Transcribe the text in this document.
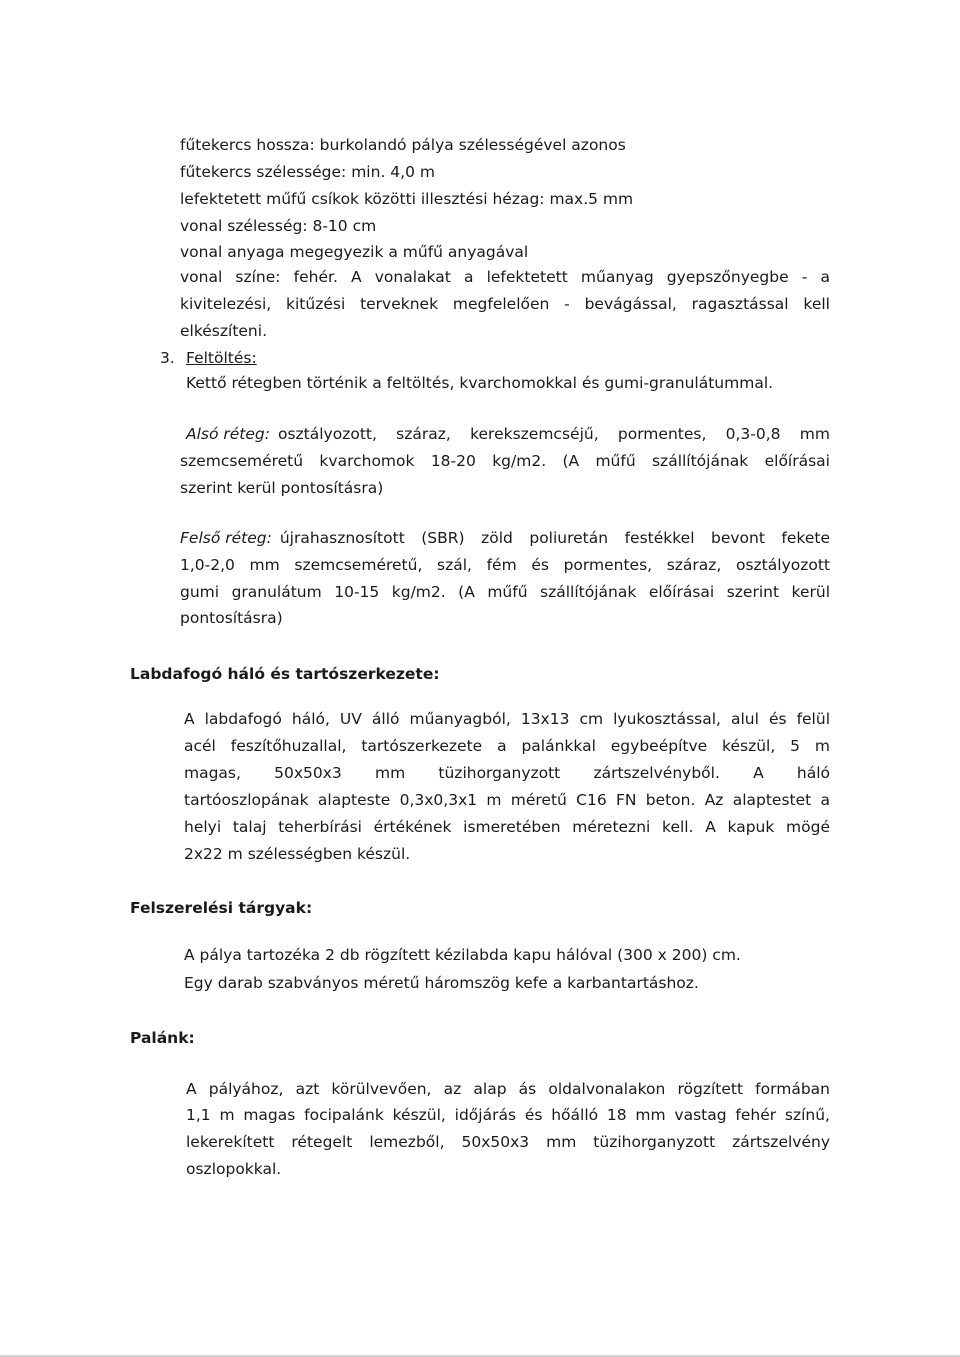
fűtekercs hossza: burkolandó pálya szélességével azonos
fűtekercs szélessége: min. 4,0 m
lefektetett műfű csíkok közötti illesztési hézag: max.5 mm
vonal szélesség: 8-10 cm
vonal anyaga megegyezik a műfű anyagával
vonal színe: fehér. A vonalakat a lefektetett műanyag gyepszőnyegbe - a
kivitelezési, kitűzési terveknek megfelelően - bevágással, ragasztással kell
elkészíteni.
3. Feltöltés:
Kettő rétegben történik a feltöltés, kvarchomokkal és gumi-granulátummal.
Alsó réteg: osztályozott, száraz, kerekszemcséjű, pormentes, 0,3-0,8 mm
szemcseméretű kvarchomok 18-20 kg/m2. (A műfű szállítójának előírásai
szerint kerül pontosításra)
Felső réteg: újrahasznosított (SBR) zöld poliuretán festékkel bevont fekete
1,0-2,0 mm szemcseméretű, szál, fém és pormentes, száraz, osztályozott
gumi granulátum 10-15 kg/m2. (A műfű szállítójának előírásai szerint kerül
pontosításra)
Labdafogó háló és tartószerkezete:
A labdafogó háló, UV álló műanyagból, 13x13 cm lyukosztással, alul és felül
acél feszítőhuzallal, tartószerkezete a palánkkal egybeépítve készül, 5 m
magas, 50x50x3 mm tüzihorganyzott zártszelvényből. A háló
tartóoszlopának alapteste 0,3x0,3x1 m méretű C16 FN beton. Az alaptestet a
helyi talaj teherbírási értékének ismeretében méretezni kell. A kapuk mögé
2x22 m szélességben készül.
Felszerelési tárgyak:
A pálya tartozéka 2 db rögzített kézilabda kapu hálóval (300 x 200) cm.
Egy darab szabványos méretű háromszög kefe a karbantartáshoz.
Palánk:
A pályához, azt körülvevően, az alap ás oldalvonalakon rögzített formában
1,1 m magas focipalánk készül, időjárás és hőálló 18 mm vastag fehér színű,
lekerekített rétegelt lemezből, 50x50x3 mm tüzihorganyzott zártszelvény
oszlopokkal.
